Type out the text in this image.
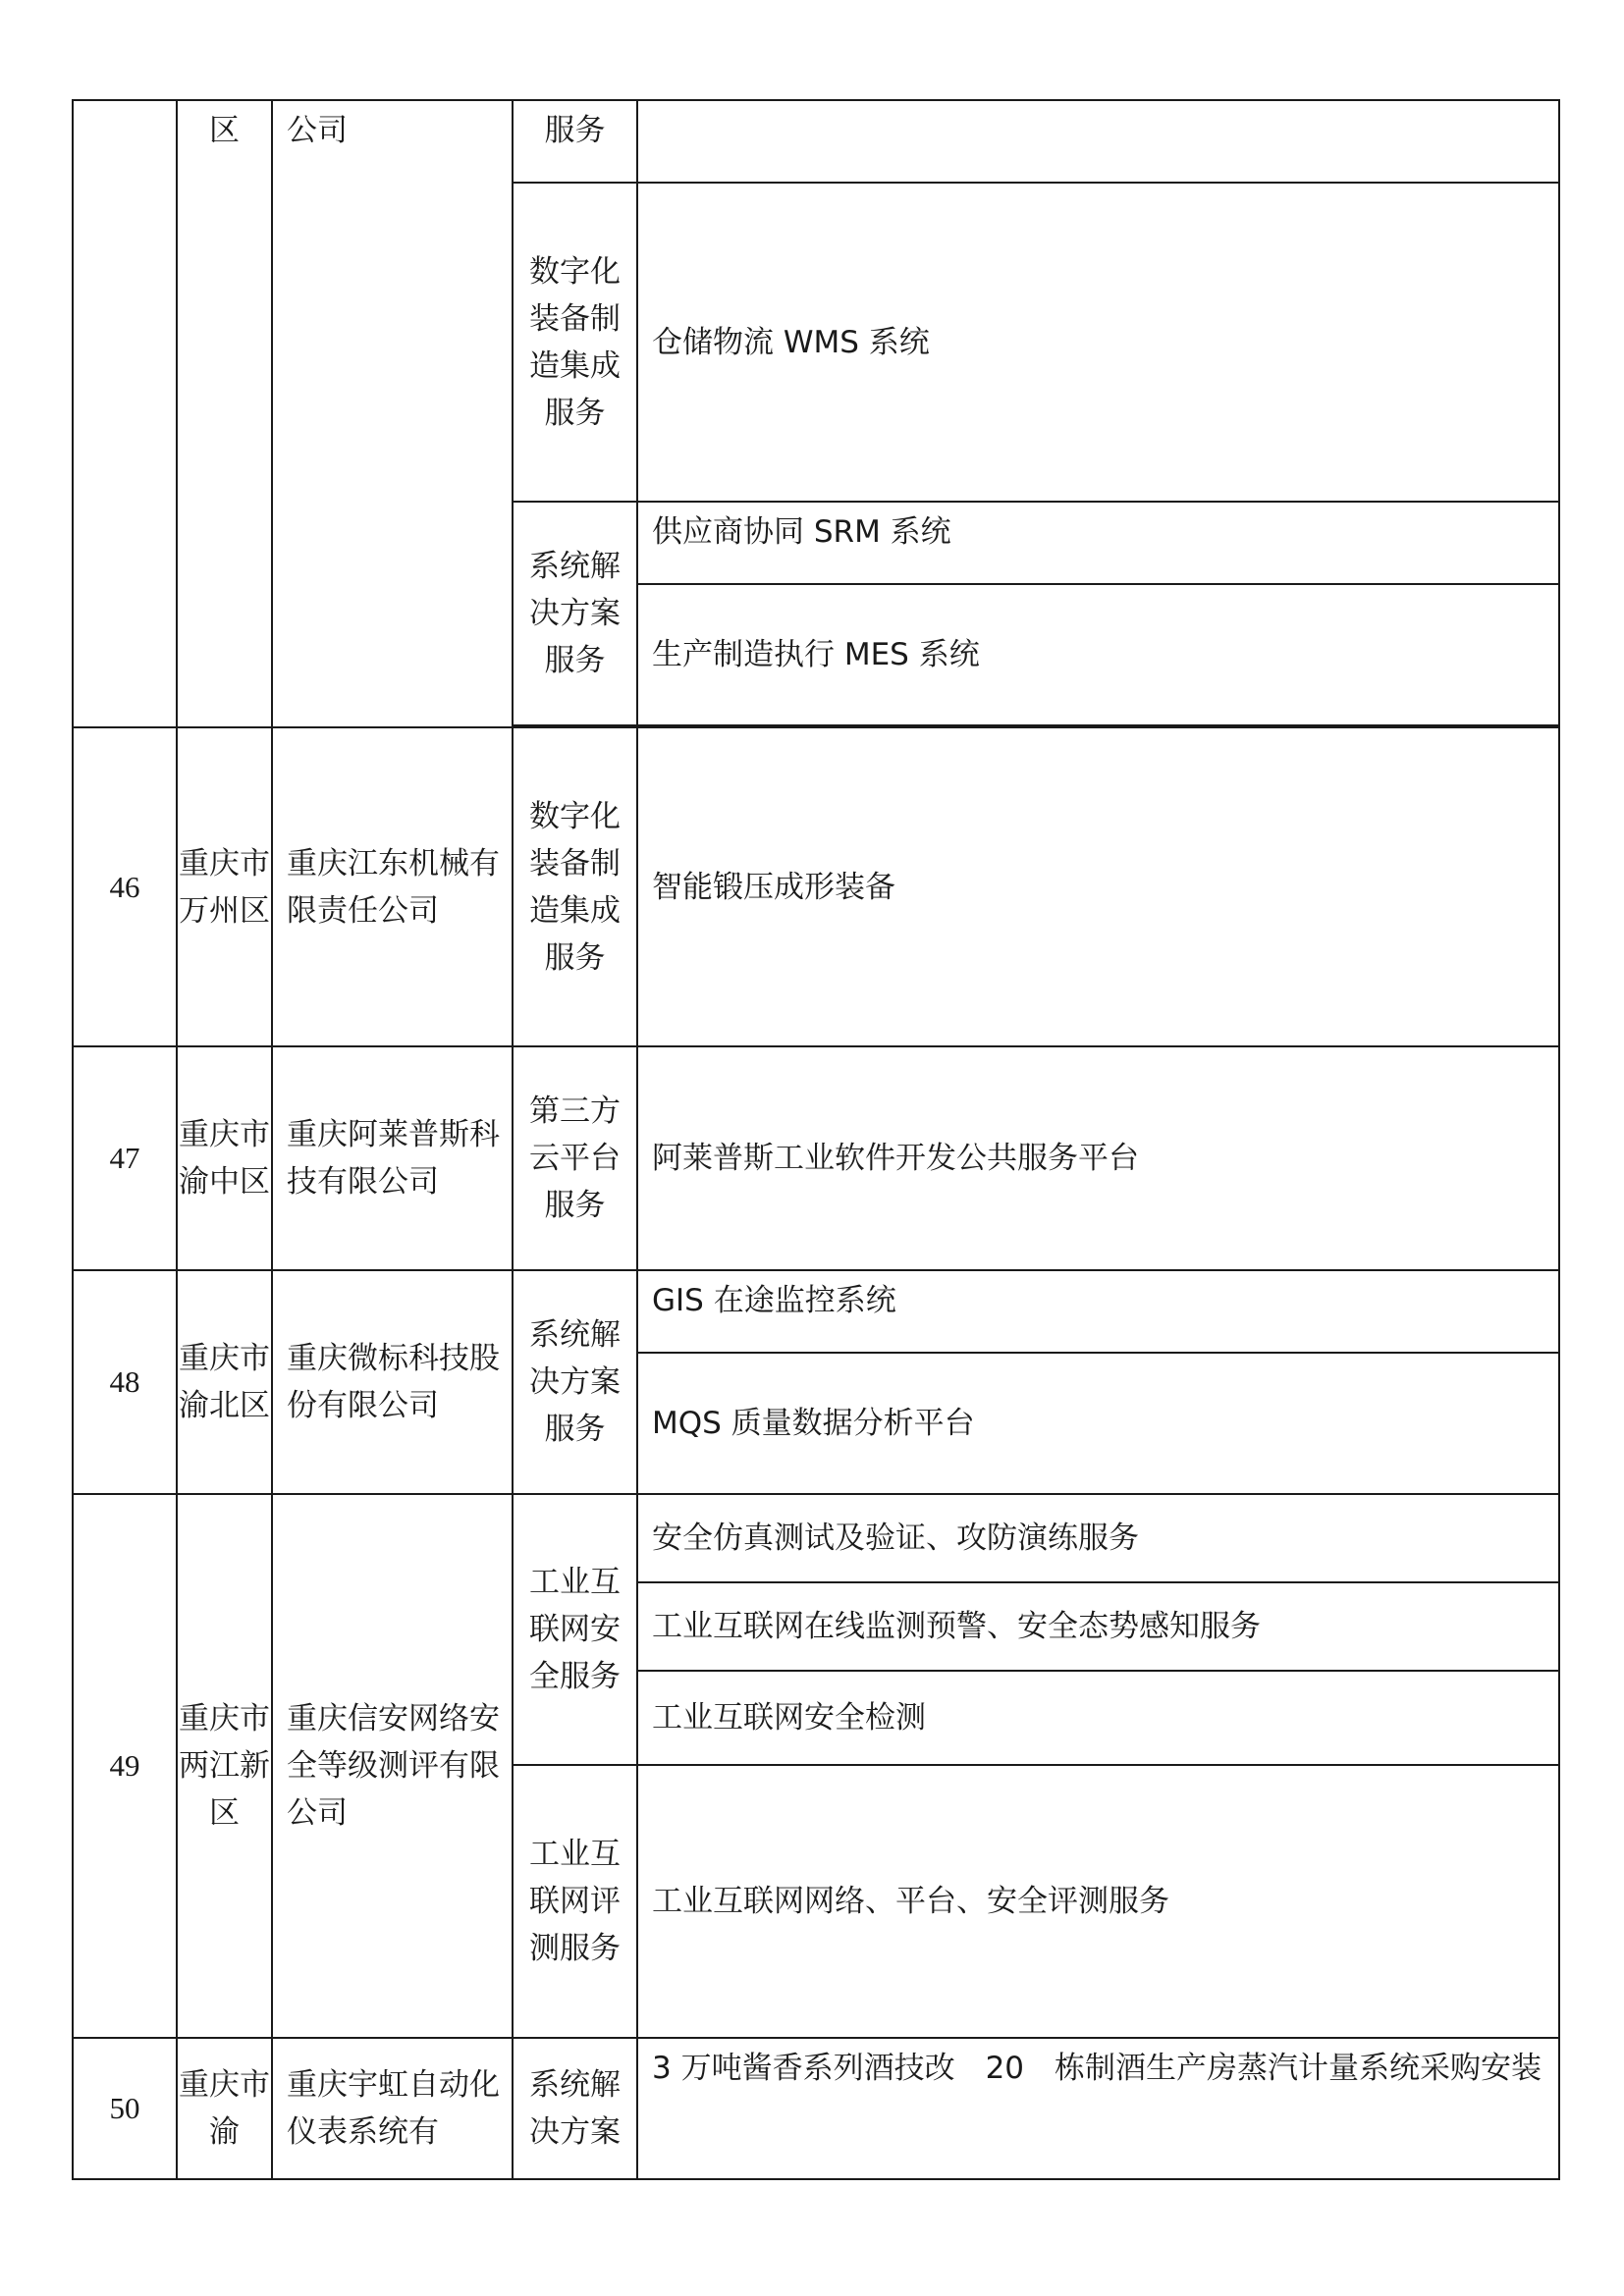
	区	公司	服务	
			数字化装备制造集成服务	仓储物流 WMS 系统
			系统解决方案服务	供应商协同 SRM 系统
				生产制造执行 MES 系统

46	重庆市万州区	重庆江东机械有限责任公司	数字化装备制造集成服务	智能锻压成形装备
47	重庆市渝中区	重庆阿莱普斯科技有限公司	第三方云平台服务	阿莱普斯工业软件开发公共服务平台
48	重庆市渝北区	重庆微标科技股份有限公司	系统解决方案服务	GIS 在途监控系统
				MQS 质量数据分析平台
49	重庆市两江新区	重庆信安网络安全等级测评有限公司	工业互联网安全服务	安全仿真测试及验证、攻防演练服务
				工业互联网在线监测预警、安全态势感知服务
				工业互联网安全检测
			工业互联网评测服务	工业互联网网络、平台、安全评测服务
50	重庆市渝	重庆宇虹自动化仪表系统有	系统解决方案	3 万吨酱香系列酒技改　20　栋制酒生产房蒸汽计量系统采购安装
